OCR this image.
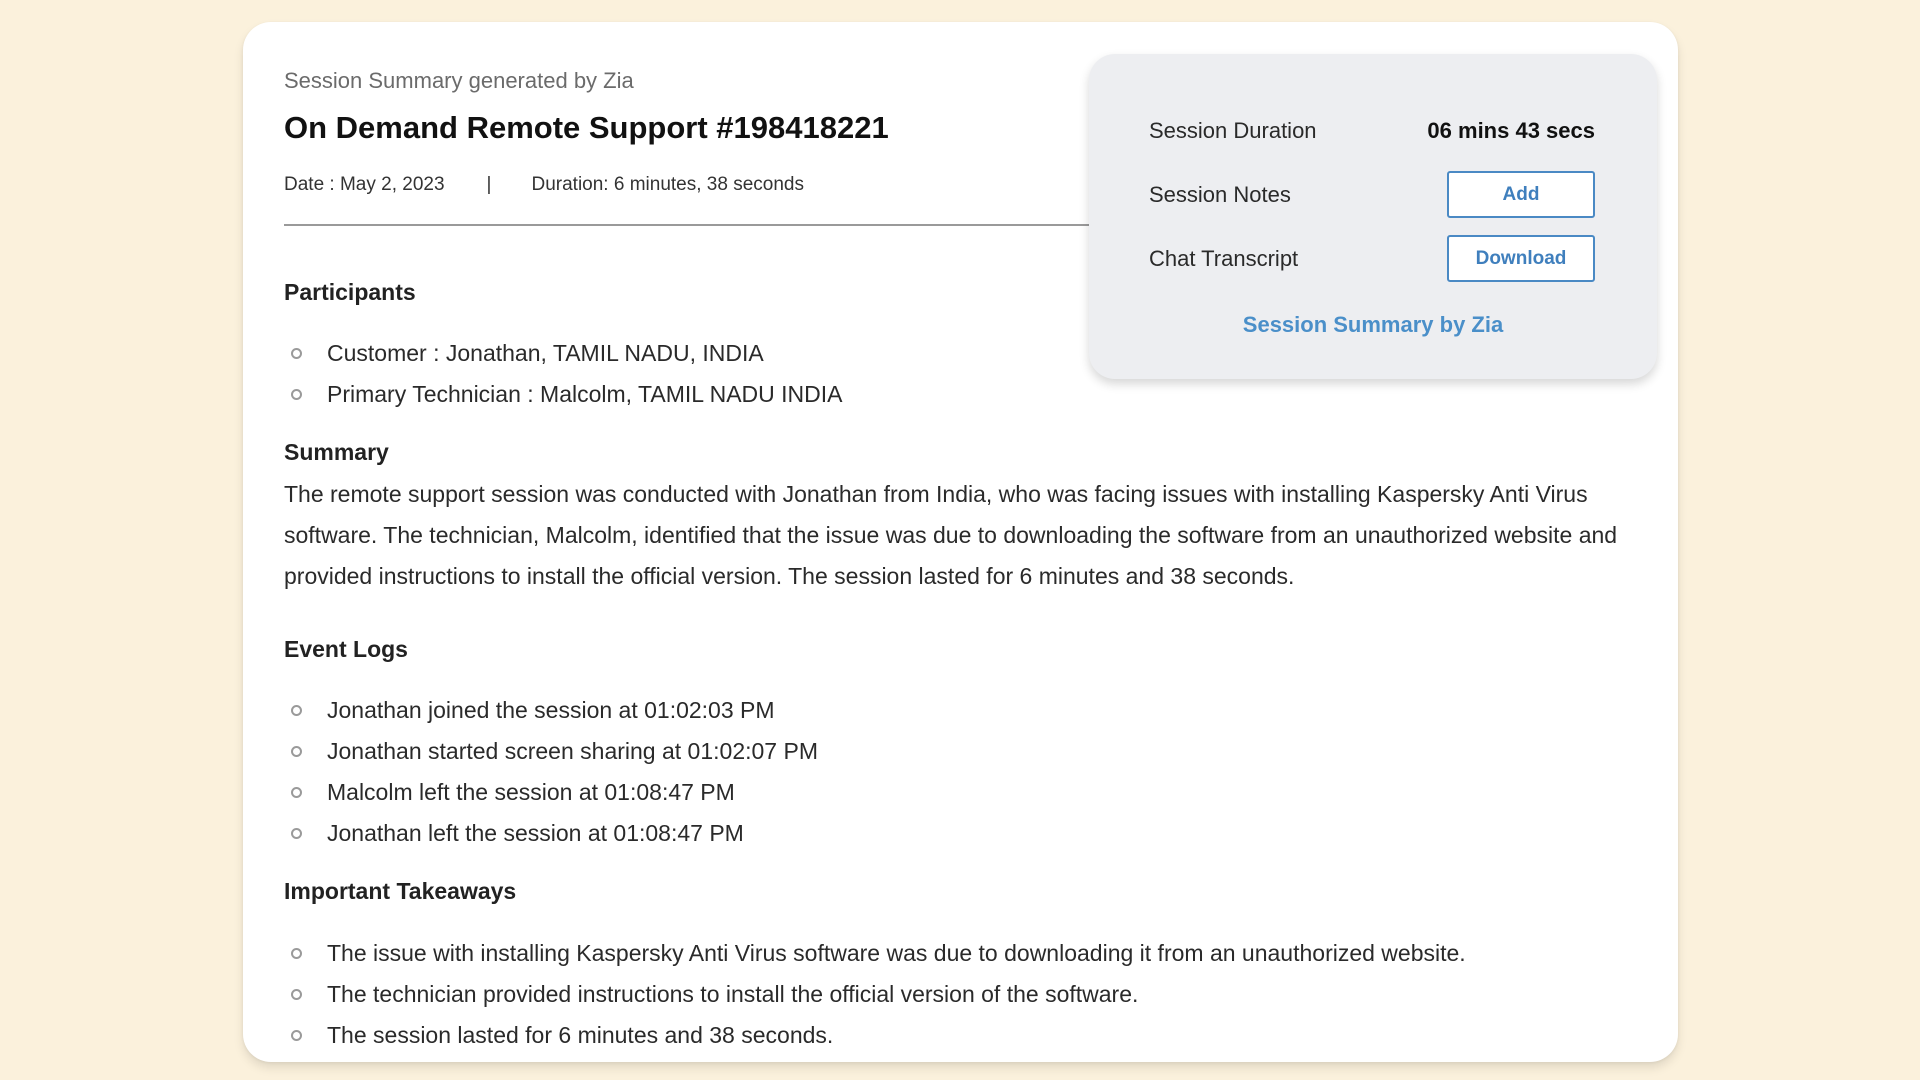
Session Summary generated by Zia
On Demand Remote Support #198418221
Date : May 2, 2023 | Duration: 6 minutes, 38 seconds
Participants
Customer : Jonathan, TAMIL NADU, INDIA
Primary Technician : Malcolm, TAMIL NADU INDIA
Summary
The remote support session was conducted with Jonathan from India, who was facing issues with installing Kaspersky Anti Virus software. The technician, Malcolm, identified that the issue was due to downloading the software from an unauthorized website and provided instructions to install the official version. The session lasted for 6 minutes and 38 seconds.
Event Logs
Jonathan joined the session at 01:02:03 PM
Jonathan started screen sharing at 01:02:07 PM
Malcolm left the session at 01:08:47 PM
Jonathan left the session at 01:08:47 PM
Important Takeaways
The issue with installing Kaspersky Anti Virus software was due to downloading it from an unauthorized website.
The technician provided instructions to install the official version of the software.
The session lasted for 6 minutes and 38 seconds.
Session Duration	06 mins 43 secs
Session Notes	Add
Chat Transcript	Download
Session Summary by Zia
